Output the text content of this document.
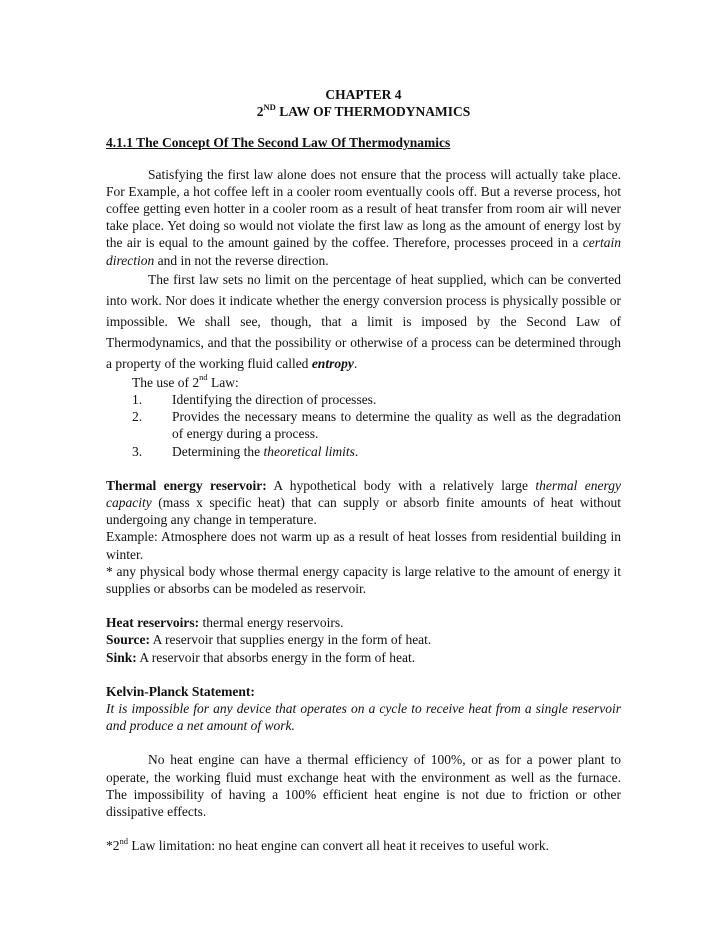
CHAPTER 4
2ND LAW OF THERMODYNAMICS
4.1.1 The Concept Of The Second Law Of Thermodynamics
Satisfying the first law alone does not ensure that the process will actually take place. For Example, a hot coffee left in a cooler room eventually cools off. But a reverse process, hot coffee getting even hotter in a cooler room as a result of heat transfer from room air will never take place. Yet doing so would not violate the first law as long as the amount of energy lost by the air is equal to the amount gained by the coffee. Therefore, processes proceed in a certain direction and in not the reverse direction.
The first law sets no limit on the percentage of heat supplied, which can be converted into work. Nor does it indicate whether the energy conversion process is physically possible or impossible. We shall see, though, that a limit is imposed by the Second Law of Thermodynamics, and that the possibility or otherwise of a process can be determined through a property of the working fluid called entropy.
The use of 2nd Law:
1.	Identifying the direction of processes.
2.	Provides the necessary means to determine the quality as well as the degradation of energy during a process.
3.	Determining the theoretical limits.
Thermal energy reservoir: A hypothetical body with a relatively large thermal energy capacity (mass x specific heat) that can supply or absorb finite amounts of heat without undergoing any change in temperature.
Example: Atmosphere does not warm up as a result of heat losses from residential building in winter.
* any physical body whose thermal energy capacity is large relative to the amount of energy it supplies or absorbs can be modeled as reservoir.
Heat reservoirs: thermal energy reservoirs.
Source: A reservoir that supplies energy in the form of heat.
Sink: A reservoir that absorbs energy in the form of heat.
Kelvin-Planck Statement:
It is impossible for any device that operates on a cycle to receive heat from a single reservoir and produce a net amount of work.
No heat engine can have a thermal efficiency of 100%, or as for a power plant to operate, the working fluid must exchange heat with the environment as well as the furnace. The impossibility of having a 100% efficient heat engine is not due to friction or other dissipative effects.
*2nd Law limitation: no heat engine can convert all heat it receives to useful work.
